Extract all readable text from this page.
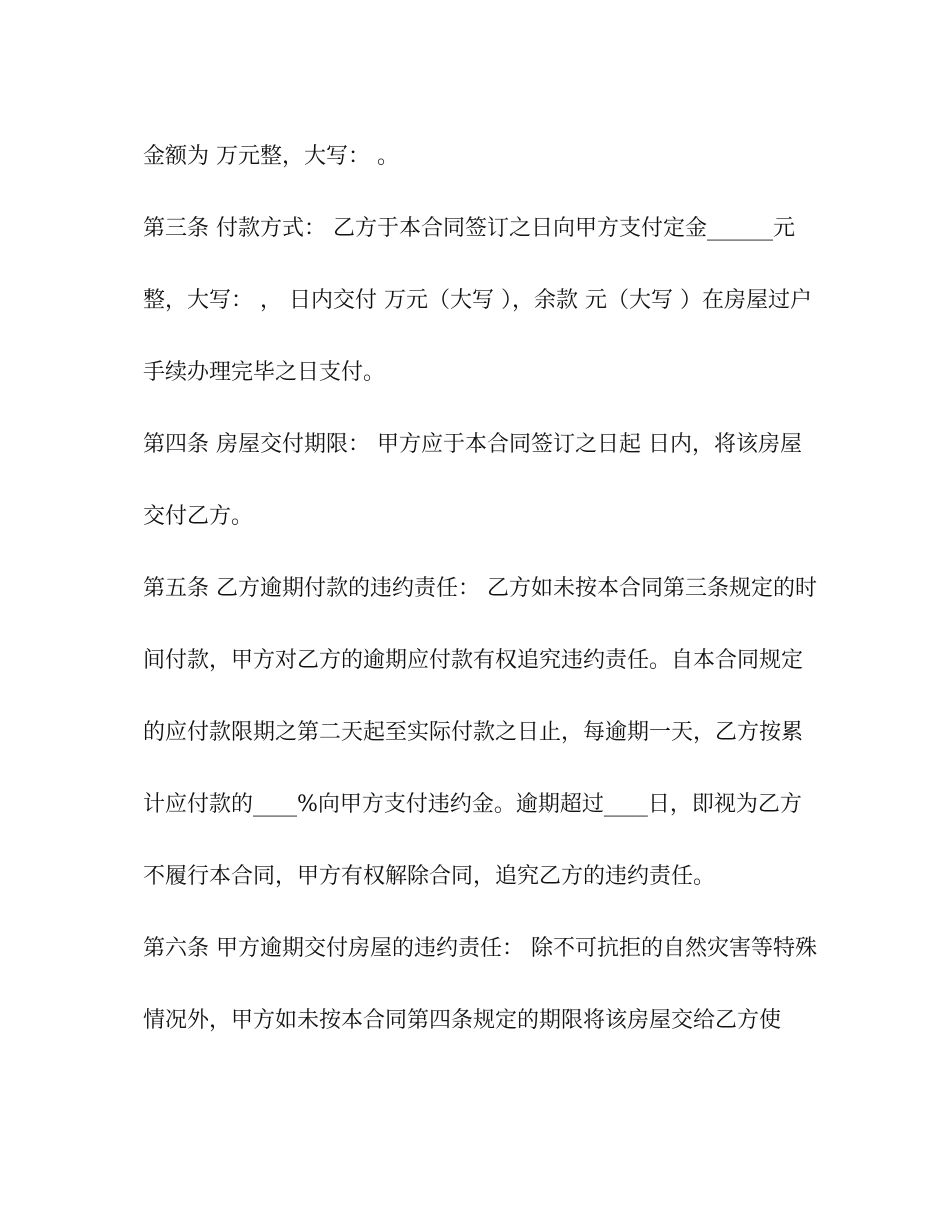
金额为 万元整，大写： 。
第三条 付款方式： 乙方于本合同签订之日向甲方支付定金______元
整，大写： ， 日内交付 万元（大写 ），余款 元（大写 ）在房屋过户
手续办理完毕之日支付。
第四条 房屋交付期限： 甲方应于本合同签订之日起 日内，将该房屋
交付乙方。
第五条 乙方逾期付款的违约责任： 乙方如未按本合同第三条规定的时
间付款，甲方对乙方的逾期应付款有权追究违约责任。自本合同规定
的应付款限期之第二天起至实际付款之日止，每逾期一天，乙方按累
计应付款的____%向甲方支付违约金。逾期超过____日，即视为乙方
不履行本合同，甲方有权解除合同，追究乙方的违约责任。
第六条 甲方逾期交付房屋的违约责任： 除不可抗拒的自然灾害等特殊
情况外，甲方如未按本合同第四条规定的期限将该房屋交给乙方使
